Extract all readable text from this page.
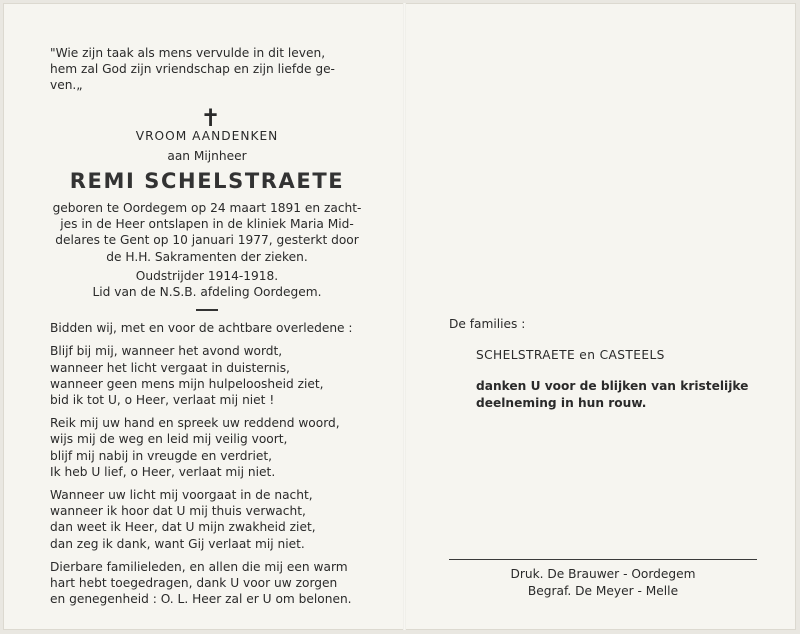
"Wie zijn taak als mens vervulde in dit leven,
hem zal God zijn vriendschap en zijn liefde ge-
ven.„
✝
VROOM AANDENKEN
aan Mijnheer
REMI SCHELSTRAETE
geboren te Oordegem op 24 maart 1891 en zacht-
jes in de Heer ontslapen in de kliniek Maria Mid-
delares te Gent op 10 januari 1977, gesterkt door
de H.H. Sakramenten der zieken.
Oudstrijder 1914-1918.
Lid van de N.S.B. afdeling Oordegem.

Bidden wij, met en voor de achtbare overledene :

Blijf bij mij, wanneer het avond wordt,

wanneer het licht vergaat in duisternis,

wanneer geen mens mijn hulpeloosheid ziet,

bid ik tot U, o Heer, verlaat mij niet !

Reik mij uw hand en spreek uw reddend woord,

wijs mij de weg en leid mij veilig voort,

blijf mij nabij in vreugde en verdriet,

Ik heb U lief, o Heer, verlaat mij niet.

Wanneer uw licht mij voorgaat in de nacht,

wanneer ik hoor dat U mij thuis verwacht,

dan weet ik Heer, dat U mijn zwakheid ziet,

dan zeg ik dank, want Gij verlaat mij niet.

Dierbare familieleden, en allen die mij een warm

hart hebt toegedragen, dank U voor uw zorgen

en genegenheid : O. L. Heer zal er U om belonen.

De families :
SCHELSTRAETE en CASTEELS
danken U voor de blijken van kristelijke
deelneming in hun rouw.
Druk. De Brauwer - Oordegem
Begraf. De Meyer - Melle
